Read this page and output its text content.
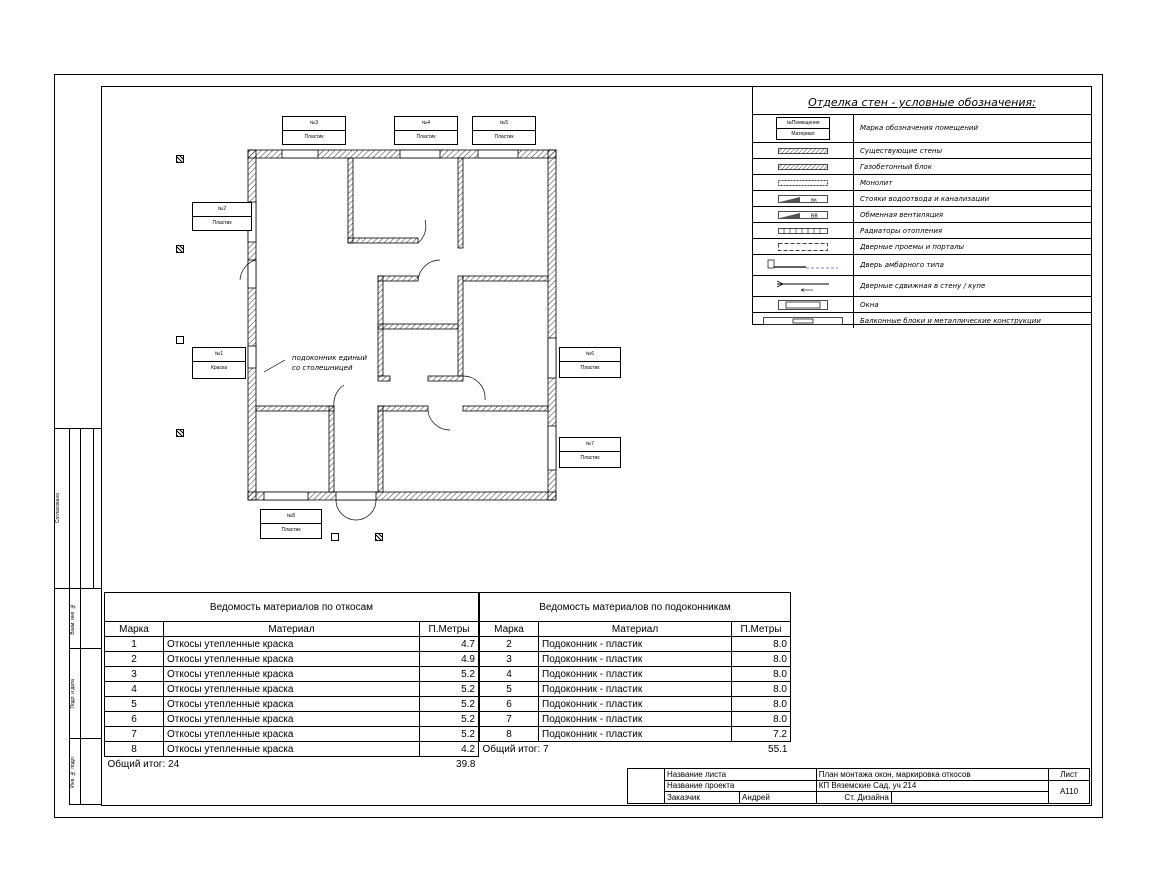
Согласовано			

	Взам. инв. №		

	Подп. и дата		

	Инв. № подл.		

№3
Пластик
№4
Пластик
№5
Пластик
№2
Пластик
№1
Краска
№6
Пластик
№7
Пластик
№8
Пластик
подоконник единый
со столешницей
Отделка стен - условные обозначения:
№Помещения
Материал
Марка обозначения помещений
Существующие стены
Газобетонный блок
Монолит
вк	Стояки водоотвода и канализации
ВВ	Обменная вентиляция
Радиаторы отопления
Дверные проемы и порталы
Дверь амбарного типа
Дверные сдвижная в стену / купе
Окна
Балконные блоки и металлические конструкции
Ведомость материалов по откосам		
Марка	Материал	П.Метры
1	Откосы утепленные краска	4.7
2	Откосы утепленные краска	4.9
3	Откосы утепленные краска	5.2
4	Откосы утепленные краска	5.2
5	Откосы утепленные краска	5.2
6	Откосы утепленные краска	5.2
7	Откосы утепленные краска	5.2
8	Откосы утепленные краска	4.2
Общий итог: 24		39.8
Ведомость материалов по подоконникам		
Марка	Материал	П.Метры
2	Подоконник - пластик	8.0
3	Подоконник - пластик	8.0
4	Подоконник - пластик	8.0
5	Подоконник - пластик	8.0
6	Подоконник - пластик	8.0
7	Подоконник - пластик	8.0
8	Подоконник - пластик	7.2
Общий итог: 7		55.1
	Название листа		План монтажа окон, маркировка откосов		Лист
	Название проекта		КП Вяземские Сад, уч 214		А110
	Заказчик	Андрей	Ст. Дизайна		
